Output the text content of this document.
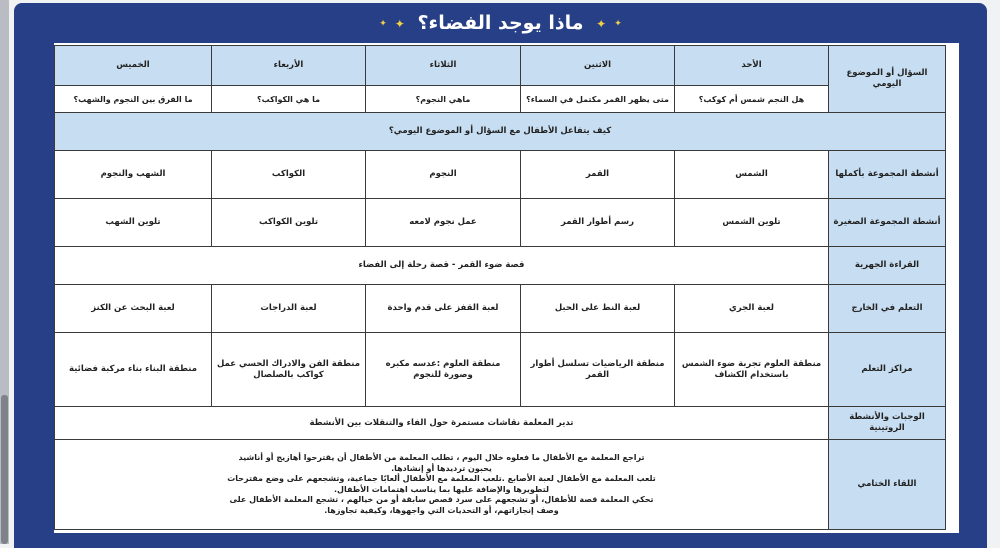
✦ ✦ ماذا يوجد الفضاء؟ ✦ ✦
السؤال أو الموضوع اليومي	الأحد	الاثنين	الثلاثاء	الأربعاء	الخميس
	هل النجم شمس أم كوكب؟	متى يظهر القمر مكتمل في السماء؟	ماهي النجوم؟	ما هي الكواكب؟	ما الفرق بين النجوم والشهب؟
كيف يتفاعل الأطفال مع السؤال أو الموضوع اليومي؟					
أنشطة المجموعة بأكملها	الشمس	القمر	النجوم	الكواكب	الشهب والنجوم
أنشطة المجموعة الصغيرة	تلوين الشمس	رسم أطوار القمر	عمل نجوم لامعه	تلوين الكواكب	تلوين الشهب
القراءة الجهرية	قصة ضوء القمر - قصة رحلة إلى الفضاء				
التعلم في الخارج	لعبة الجري	لعبة النط على الحبل	لعبة القفز على قدم واحدة	لعبة الدراجات	لعبة البحث عن الكنز
مراكز التعلم	منطقة العلوم تجربة ضوء الشمس باستخدام الكشاف	منطقة الرياضيات تسلسل أطوار القمر	منطقة العلوم :عدسه مكبره وصورة للنجوم	منطقة الفن والادراك الحسي عمل كواكب بالصلصال	منطقة البناء بناء مركبة فضائية
الوجبات والأنشطة الروتينية	تدير المعلمة نقاشات مستمرة حول الفاء والتنقلات بين الأنشطة				
اللقاء الختامي	تراجع المعلمة مع الأطفال ما فعلوه خلال اليوم ، تطلب المعلمة من الأطفال أن يقترحوا أهازيج أو أناشيد يحبون ترديدها أو إنشادها.
تلعب المعلمة مع الأطفال لعبة الأصابع .تلعب المعلمة مع الأطفال ألعابًا جماعية، وتشجعهم على وضع مقترحات لتطويرها والإضافة عليها بما يناسب اهتمامات الأطفال.
تحكي المعلمة قصة للأطفال، أو تشجعهم على سرد قصص سابقة أو من خيالهم ، تشجع المعلمة الأطفال على وصف إنجازاتهم، أو التحديات التي واجهوها، وكيفية تجاوزها.				
